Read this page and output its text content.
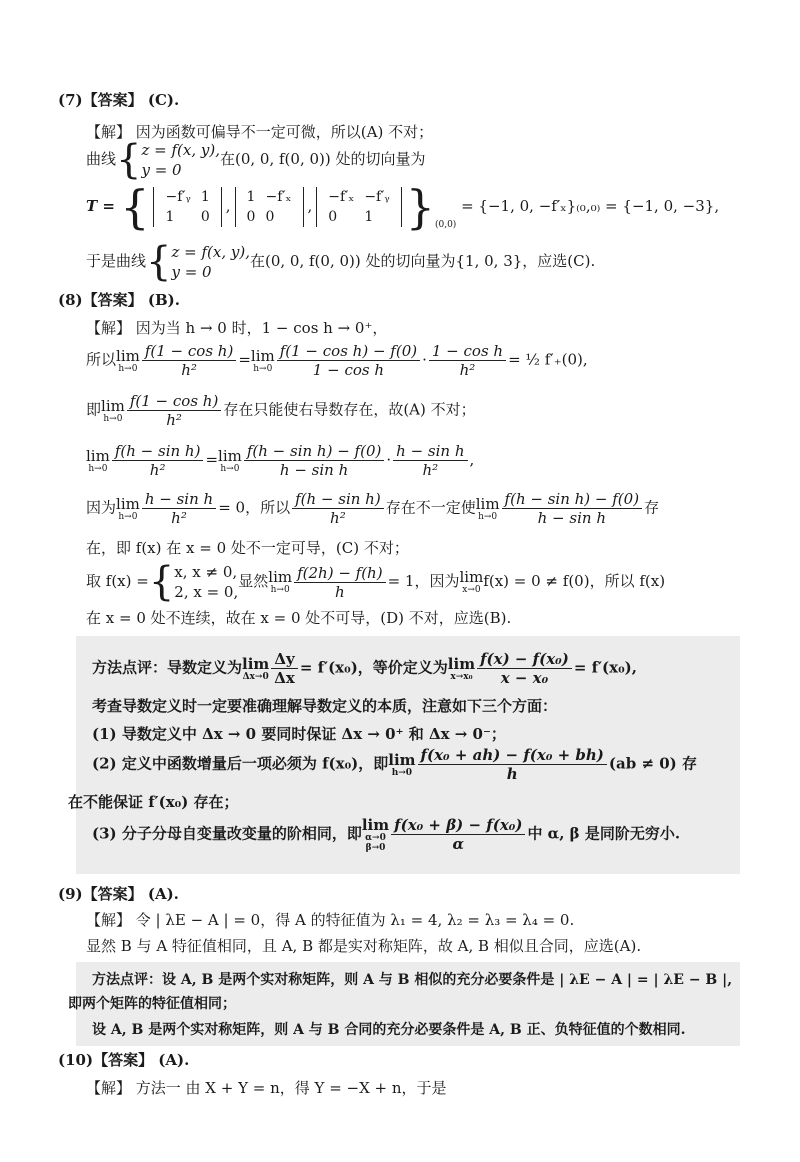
(7)【答案】 (C).
【解】 因为函数可偏导不一定可微，所以(A) 不对；
曲线{ z = f(x, y),
y = 0
在(0, 0, f(0, 0)) 处的切向量为
T = { −f′ᵧ	1
1	0
, 1	−f′ₓ
0	0
, −f′ₓ	−f′ᵧ
0	1 }$_{(0,0)} = \{-1$, 0, −f′ₓ}₍₀,₀₎ = {−1, 0, −3},
于是曲线{ z = f(x, y),
y = 0
在(0, 0, f(0, 0)) 处的切向量为{1, 0, 3}，应选(C).
(8)【答案】 (B).
【解】 因为当 h → 0 时，1 − cos h → 0⁺，
所以lim
$h\to 0 \frac{\text{f(1 − cos h)}}{\text{h²}} =\lim$
$h\to 0 \frac{\text{f(1 − cos h) − f(0)}}{\text{1 − cos h}} \cdot \frac{\text{1 − cos h}}{\text{h²}}$ = ½ f′₊(0),
即lim
$h\to 0 \frac{\text{f(1 − cos h)}}{\text{h²}}$ 存在只能使右导数存在，故(A) 不对；
lim
$h\to 0 \frac{\text{f(h − sin h)}}{\text{h²}} =\lim$
$h\to 0 \frac{\text{f(h − sin h) − f(0)}}{\text{h − sin h}} \cdot \frac{\text{h − sin h}}{\text{h²}}$ ,
因为lim
$h\to 0 \frac{\text{h − sin h}}{\text{h²}} = 0$，所以 $\frac{\text{f(h − sin h)}}{\text{h²}}$ 存在不一定使lim
$h\to 0 \frac{\text{f(h − sin h) − f(0)}}{\text{h − sin h}}$ 存
在，即 f(x) 在 x = 0 处不一定可导，(C) 不对；
取 f(x) ={ x, x ≠ 0,
2, x = 0,
显然lim
$h\to 0 \frac{f(2h) - f(h)}{h} = 1$，因为lim
x→0 f(x) = 0 ≠ f(0)，所以 f(x)
在 x = 0 处不连续，故在 x = 0 处不可导，(D) 不对，应选(B).
方法点评：导数定义为lim
$\Delta x\to 0 \frac{\Delta y}{\Delta x} = f'(x_0)$，等价定义为lim
$x\to x_0 \frac{\text{f(x) − f(x₀)}}{\text{x − x₀}} = f'(x_0)$,
考查导数定义时一定要准确理解导数定义的本质，注意如下三个方面：
(1) 导数定义中 Δx → 0 要同时保证 Δx → 0⁺ 和 Δx → 0⁻；
(2) 定义中函数增量后一项必须为 f(x₀)，即lim
$h\to 0 \frac{\text{f(x₀ + ah) − f(x₀ + bh)}}{h} (ab \ne 0)$ 存
在不能保证 f′(x₀) 存在；
(3) 分子分母自变量改变量的阶相同，即lim
α→0
$\beta\to 0 \frac{\text{f(x₀ + β) − f(x₀)}}{\alpha}$ 中 α, β 是同阶无穷小.
(9)【答案】 (A).
【解】 令 | λE − A | = 0，得 A 的特征值为 λ₁ = 4, λ₂ = λ₃ = λ₄ = 0.
显然 B 与 A 特征值相同，且 A, B 都是实对称矩阵，故 A, B 相似且合同，应选(A).
方法点评：设 A, B 是两个实对称矩阵，则 A 与 B 相似的充分必要条件是 | λE − A | = | λE − B |,
即两个矩阵的特征值相同；
设 A, B 是两个实对称矩阵，则 A 与 B 合同的充分必要条件是 A, B 正、负特征值的个数相同.
(10)【答案】 (A).
【解】 方法一 由 X + Y = n，得 Y = −X + n，于是
